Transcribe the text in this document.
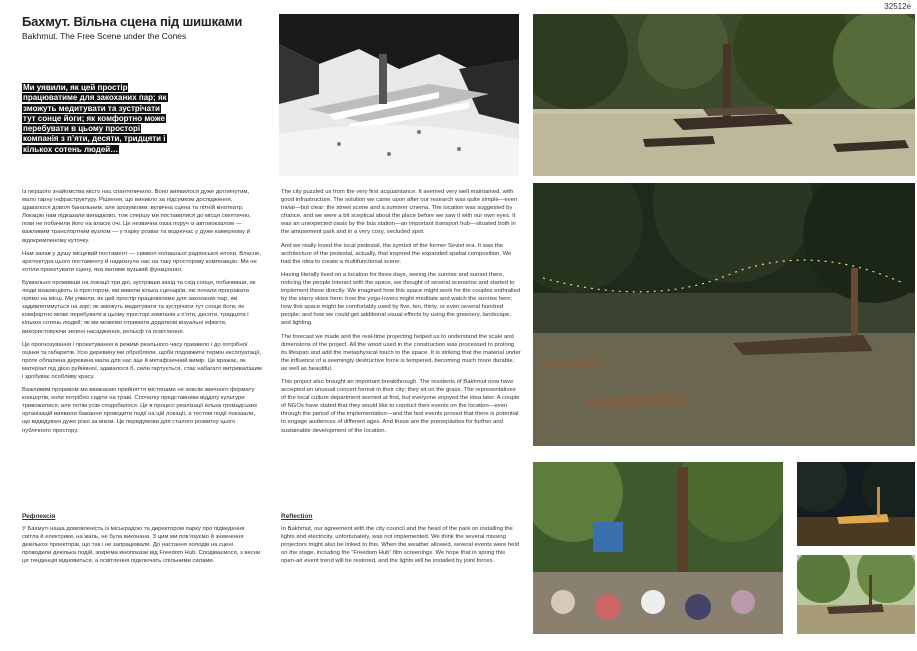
32512e
Бахмут. Вільна сцена під шишками
Bakhmut. The Free Scene under the Cones
Ми уявили, як цей простір працюватиме для закоханих пар; як зможуть медитувати та зустрічати тут сонце йоги; як комфортно може перебувати в цьому просторі компанія з п’яти, десяти, тридцяти і кількох сотень людей…

Із першого знайомства місто нас спантеличило. Воно виявилося дуже доглянутим, мало гарну інфраструктуру. Рішення, що виникло за підсумком дослідження, здавалося доволі банальним, але зрозумілим: вулична сцена та літній кінотеатр. Локацію нам підказали випадково, тож спершу ми поставилися до місця скептично, поки не побачили його на власні очі. Це незвична оаза поруч із автовокзалом — важливим транспортним вузлом — у парку розваг та водночас у дуже камерному й відокремленому куточку.

Нам запав у душу місцевий постамент — символ колишньої радянської епохи. Власне, архітектура цього постаменту й надихнула нас на таку просторову композицію. Ми не хотіли проектувати сцену, яка матиме вузький функціонал.

Буквально проживши на локації три дні, зустрівши захід та схід сонця, побачивши, як люди взаємодіють із простором, ми вивели кілька сценаріїв, які почали програвати прямо на місці. Ми уявили, як цей простір працюватиме для закоханих пар, які задивлятимуться на зорі; як зможуть медитувати та зустрічати тут сонце йоги; як комфортно може перебувати в цьому просторі компанія з п’яти, десяти, тридцяти і кількох сотень людей; як ми можемо отримати додаткові візуальні ефекти, використовуючи зелені насадження, рельєф та освітлення.

Це прогнозування і проектування в режимі реального часу призвело і до потрібної оцінки та габаритів. Усю деревину ми обробляли, щоби подовжити термін експлуатації, проте обпалена деревина мала для нас іще й метафізичний вимір. Це вражає, як матеріал під дією руйнівної, здавалося б, сили гартується, стає набагато витривалішим і здобуває особливу красу.

Важливим проривом ми вважаємо прийняття містянами не зовсім звичного формату концертів, коли потрібно сидіти на траві. Спочатку представники відділу культури тривожилися, але потім усім сподобалося. Це в процесі реалізації кілька громадських організацій виявили бажання проводити події на цій локації, а тестові події показали, що відвідувачі дуже різні за віком. Це передумови для сталого розвитку цього публічного простору.

Рефлексія

У Бахмуті наша домовленість із міськрадою та директором парку про підведення світла й електрики, на жаль, не була виконана. З цим ми пов’язуємо й зникнення декількох проекторів, що так і не запрацювали. До настання холодів на сцені проводили декілька подій, зокрема кінопокази від Freedom Hub. Сподіваємося, з весни ця тенденція відновиться, а освітлення підключать спільними силами.

The city puzzled us from the very first acquaintance. It seemed very well maintained, with good infrastructure. The solution we came upon after our research was quite simple—even trivial—but clear: the street scene and a summer cinema. The location was suggested by chance, and we were a bit sceptical about the place before we saw it with our own eyes. It was an unexpected oasis by the bus station—an important transport hub—situated both in the amusement park and in a very cosy, secluded spot.

And we really loved the local pedestal, the symbol of the former Soviet era. It was the architecture of the pedestal, actually, that inspired the expanded spatial composition. We had the idea to create a multifunctional scene.

Having literally lived on a location for three days, seeing the sunrise and sunset there, noticing the people interact with the space, we thought of several scenarios and started to implement these directly. We imagined how this space might work for the couples enthralled by the starry skies here; how the yoga-lovers might meditate and watch the sunrise here; how this space might be comfortably used by five, ten, thirty, or even several hundred people; and how we could get additional visual effects by using the greenery, landscape, and lighting.

The forecast we made and the real-time projecting helped us to understand the scale and dimensions of the project. All the wood used in the construction was processed to prolong its lifespan and add the metaphysical touch to the space. It is striking that the material under the influence of a seemingly destructive force is tempered, becoming much more durable, as well as beautiful.

This project also brought an important breakthrough. The residents of Bakhmut now have accepted an unusual concert format in their city: they sit on the grass. The representatives of the local culture department worried at first, but everyone enjoyed the idea later. A couple of NGOs have stated that they would like to conduct their events on the location—even through the period of the implementation—and the test events proved that there is potential to engage audiences of different ages. And these are the prerequisites for further and sustainable development of the location.

Reflection

In Bakhmut, our agreement with the city council and the head of the park on installing the lights and electricity, unfortunately, was not implemented. We think the several missing projectors might also be linked to this. When the weather allowed, several events were held on the stage, including the “Freedom Hub” film screenings. We hope that in spring this open-air event trend will be restored, and the lights will be installed by joint forces.
